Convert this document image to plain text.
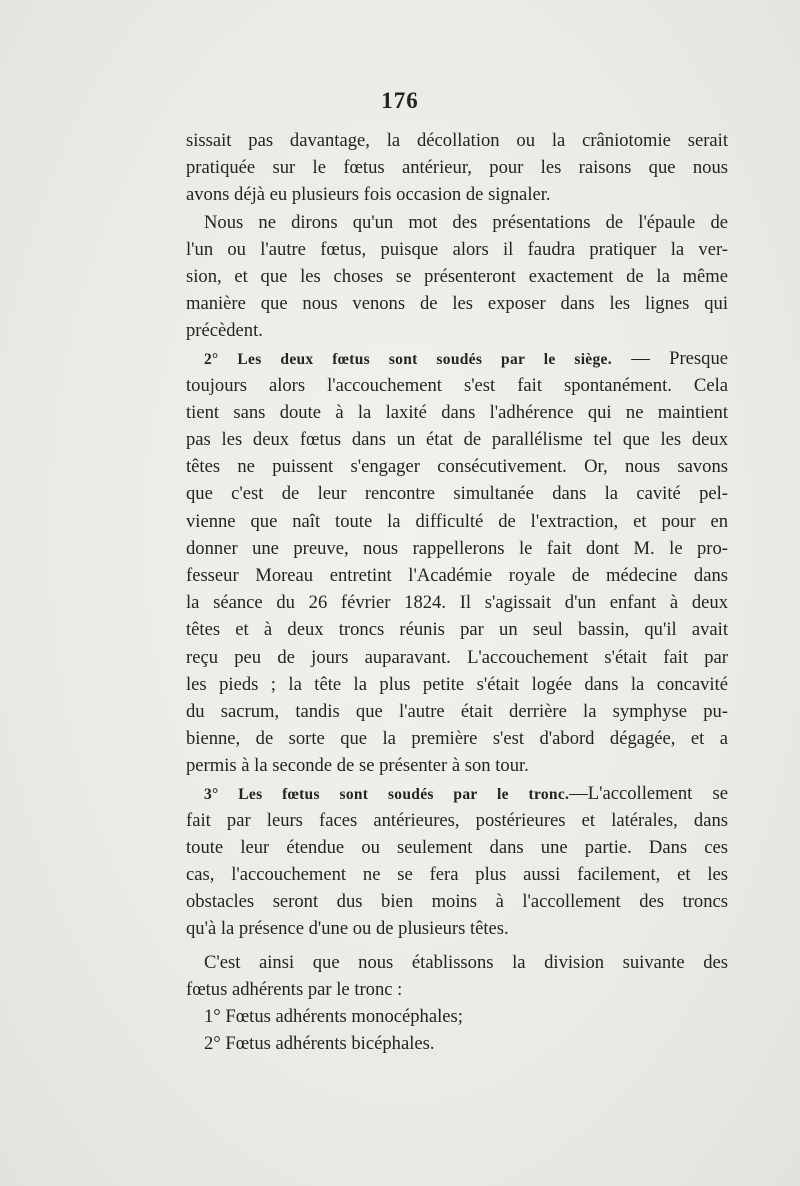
176
sissait pas davantage, la décollation ou la crâniotomie serait
pratiquée sur le fœtus antérieur, pour les raisons que nous
avons déjà eu plusieurs fois occasion de signaler.
Nous ne dirons qu'un mot des présentations de l'épaule de
l'un ou l'autre fœtus, puisque alors il faudra pratiquer la ver-
sion, et que les choses se présenteront exactement de la même
manière que nous venons de les exposer dans les lignes qui
précèdent.
2° Les deux fœtus sont soudés par le siège. — Presque
toujours alors l'accouchement s'est fait spontanément. Cela
tient sans doute à la laxité dans l'adhérence qui ne maintient
pas les deux fœtus dans un état de parallélisme tel que les deux
têtes ne puissent s'engager consécutivement. Or, nous savons
que c'est de leur rencontre simultanée dans la cavité pel-
vienne que naît toute la difficulté de l'extraction, et pour en
donner une preuve, nous rappellerons le fait dont M. le pro-
fesseur Moreau entretint l'Académie royale de médecine dans
la séance du 26 février 1824. Il s'agissait d'un enfant à deux
têtes et à deux troncs réunis par un seul bassin, qu'il avait
reçu peu de jours auparavant. L'accouchement s'était fait par
les pieds ; la tête la plus petite s'était logée dans la concavité
du sacrum, tandis que l'autre était derrière la symphyse pu-
bienne, de sorte que la première s'est d'abord dégagée, et a
permis à la seconde de se présenter à son tour.
3° Les fœtus sont soudés par le tronc.—L'accollement se
fait par leurs faces antérieures, postérieures et latérales, dans
toute leur étendue ou seulement dans une partie. Dans ces
cas, l'accouchement ne se fera plus aussi facilement, et les
obstacles seront dus bien moins à l'accollement des troncs
qu'à la présence d'une ou de plusieurs têtes.
C'est ainsi que nous établissons la division suivante des
fœtus adhérents par le tronc :
1° Fœtus adhérents monocéphales;
2° Fœtus adhérents bicéphales.
